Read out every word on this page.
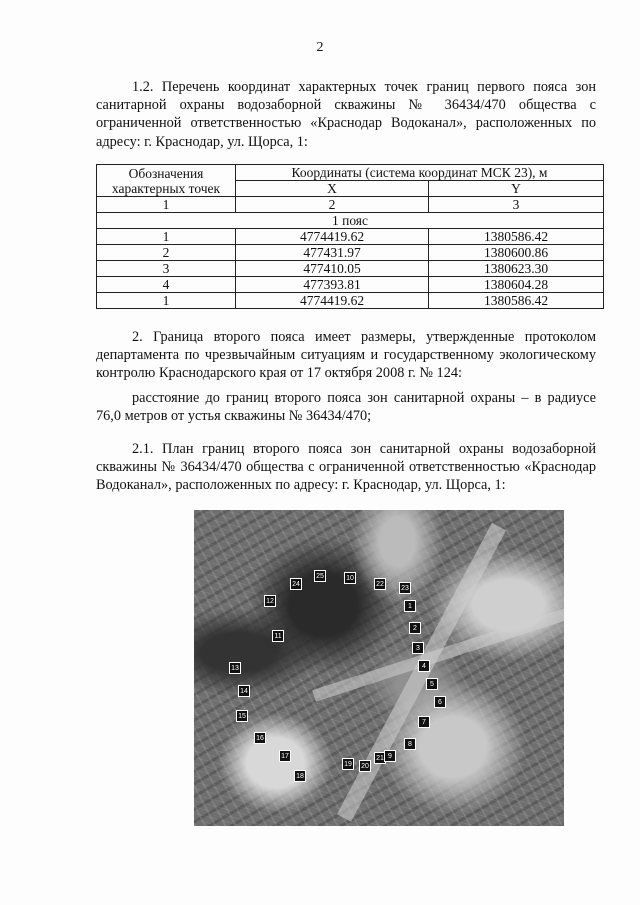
2

1.2. Перечень координат характерных точек границ первого пояса зон санитарной охраны водозаборной скважины № 36434/470 общества с ограниченной ответственностью «Краснодар Водоканал», расположенных по адресу: г. Краснодар, ул. Щорса, 1:

Обозначения характерных точек	Координаты (система координат МСК 23), м	
	X	Y
1	2	3
1 пояс		
1	4774419.62	1380586.42
2	477431.97	1380600.86
3	477410.05	1380623.30
4	477393.81	1380604.28
1	4774419.62	1380586.42

2. Граница второго пояса имеет размеры, утвержденные протоколом департамента по чрезвычайным ситуациям и государственному экологическому контролю Краснодарского края от 17 октября 2008 г. № 124:

расстояние до границ второго пояса зон санитарной охраны – в радиусе 76,0 метров от устья скважины № 36434/470;

2.1. План границ второго пояса зон санитарной охраны водозаборной скважины № 36434/470 общества с ограниченной ответственностью «Краснодар Водоканал», расположенных по адресу: г. Краснодар, ул. Щорса, 1:

12
11
13
14
15
16
17
18
19	20
21
1
2
3
4
5
6
7
8
9
10
22
23
24
25
